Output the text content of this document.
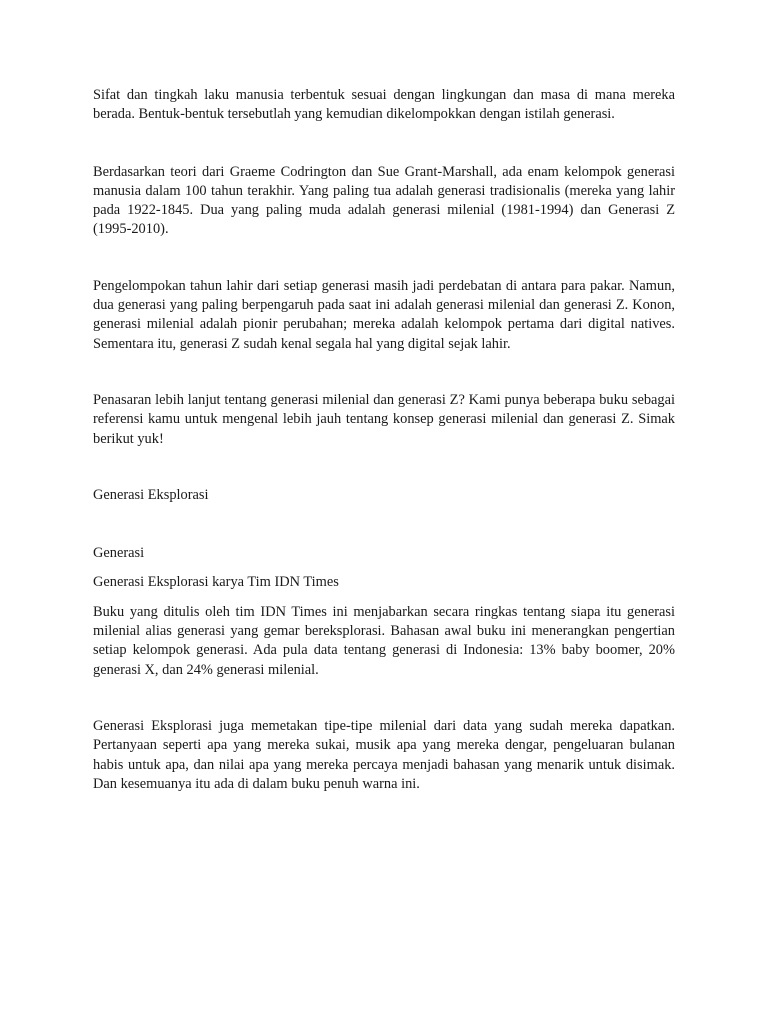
Sifat dan tingkah laku manusia terbentuk sesuai dengan lingkungan dan masa di mana mereka berada. Bentuk-bentuk tersebutlah yang kemudian dikelompokkan dengan istilah generasi.

Berdasarkan teori dari Graeme Codrington dan Sue Grant-Marshall, ada enam kelompok generasi manusia dalam 100 tahun terakhir. Yang paling tua adalah generasi tradisionalis (mereka yang lahir pada 1922-1845. Dua yang paling muda adalah generasi milenial (1981-1994) dan Generasi Z (1995-2010).

Pengelompokan tahun lahir dari setiap generasi masih jadi perdebatan di antara para pakar. Namun, dua generasi yang paling berpengaruh pada saat ini adalah generasi milenial dan generasi Z. Konon, generasi milenial adalah pionir perubahan; mereka adalah kelompok pertama dari digital natives. Sementara itu, generasi Z sudah kenal segala hal yang digital sejak lahir.

Penasaran lebih lanjut tentang generasi milenial dan generasi Z? Kami punya beberapa buku sebagai referensi kamu untuk mengenal lebih jauh tentang konsep generasi milenial dan generasi Z. Simak berikut yuk!

Generasi Eksplorasi

Generasi

Generasi Eksplorasi karya Tim IDN Times

Buku yang ditulis oleh tim IDN Times ini menjabarkan secara ringkas tentang siapa itu generasi milenial alias generasi yang gemar bereksplorasi. Bahasan awal buku ini menerangkan pengertian setiap kelompok generasi. Ada pula data tentang generasi di Indonesia: 13% baby boomer, 20% generasi X, dan 24% generasi milenial.

Generasi Eksplorasi juga memetakan tipe-tipe milenial dari data yang sudah mereka dapatkan. Pertanyaan seperti apa yang mereka sukai, musik apa yang mereka dengar, pengeluaran bulanan habis untuk apa, dan nilai apa yang mereka percaya menjadi bahasan yang menarik untuk disimak. Dan kesemuanya itu ada di dalam buku penuh warna ini.
